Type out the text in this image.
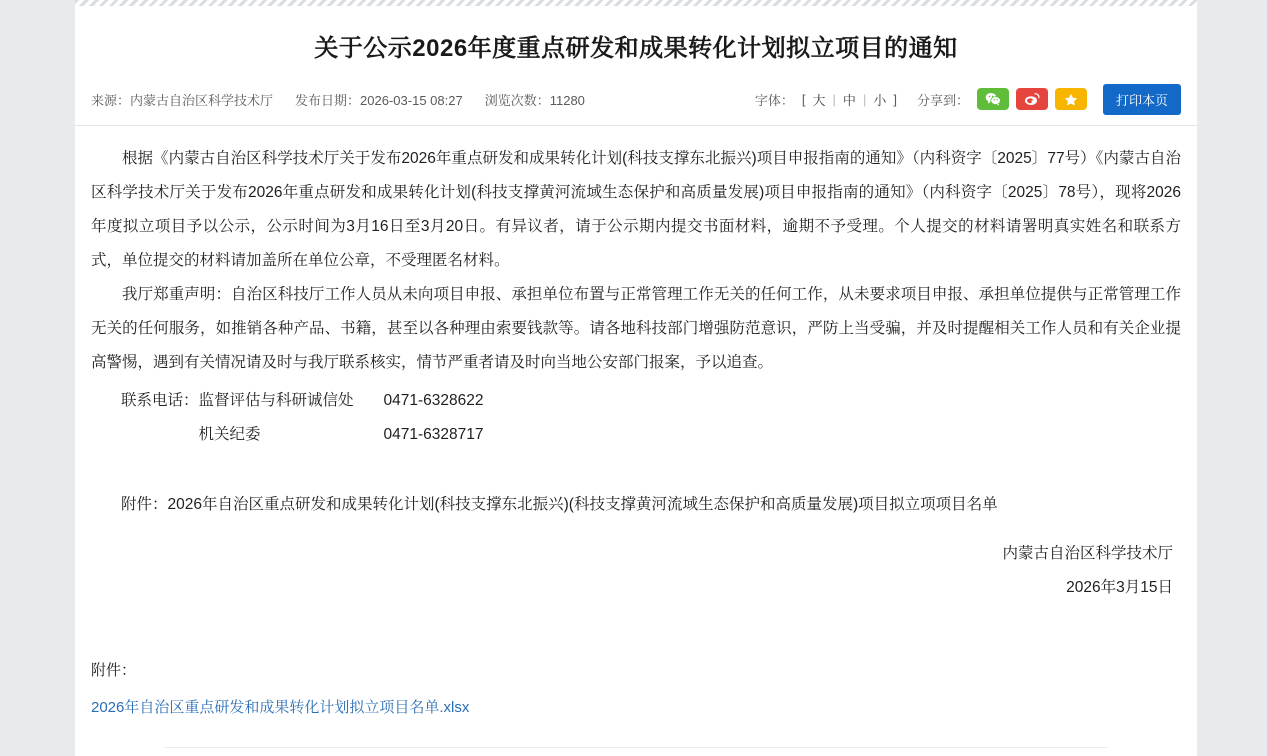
关于公示2026年度重点研发和成果转化计划拟立项目的通知
来源：内蒙古自治区科学技术厅 发布日期：2026-03-15 08:27 浏览次数：11280	字体： [ 大 | 中 | 小 ] 分享到：	打印本页

根据《内蒙古自治区科学技术厅关于发布2026年重点研发和成果转化计划(科技支撑东北振兴)项目申报指南的通知》（内科资字〔2025〕77号）《内蒙古自治区科学技术厅关于发布2026年重点研发和成果转化计划(科技支撑黄河流域生态保护和高质量发展)项目申报指南的通知》（内科资字〔2025〕78号），现将2026年度拟立项目予以公示，公示时间为3月16日至3月20日。有异议者，请于公示期内提交书面材料，逾期不予受理。个人提交的材料请署明真实姓名和联系方式，单位提交的材料请加盖所在单位公章，不受理匿名材料。

我厅郑重声明：自治区科技厅工作人员从未向项目申报、承担单位布置与正常管理工作无关的任何工作，从未要求项目申报、承担单位提供与正常管理工作无关的任何服务，如推销各种产品、书籍，甚至以各种理由索要钱款等。请各地科技部门增强防范意识，严防上当受骗，并及时提醒相关工作人员和有关企业提高警惕，遇到有关情况请及时与我厅联系核实，情节严重者请及时向当地公安部门报案，予以追查。

联系电话： 监督评估与科研诚信处	0471-6328622
机关纪委	0471-6328717
附件：2026年自治区重点研发和成果转化计划(科技支撑东北振兴)(科技支撑黄河流域生态保护和高质量发展)项目拟立项项目名单
内蒙古自治区科学技术厅
2026年3月15日
附件：
2026年自治区重点研发和成果转化计划拟立项目名单.xlsx
